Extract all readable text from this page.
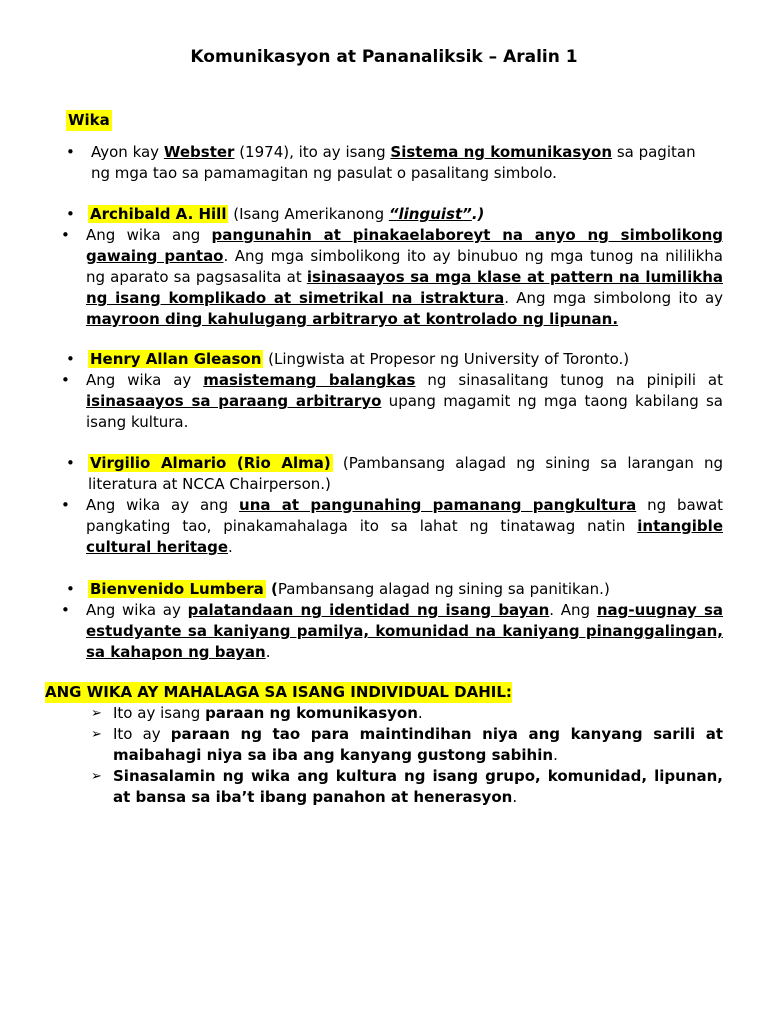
Komunikasyon at Pananaliksik – Aralin 1
Wika
• Ayon kay Webster (1974), ito ay isang Sistema ng komunikasyon sa pagitan
ng mga tao sa pamamagitan ng pasulat o pasalitang simbolo.
• Archibald A. Hill (Isang Amerikanong “linguist”.)
• Ang wika ang pangunahin at pinakaelaboreyt na anyo ng simbolikong gawaing pantao. Ang mga simbolikong ito ay binubuo ng mga tunog na nililikha ng aparato sa pagsasalita at isinasaayos sa mga klase at pattern na lumilikha ng isang komplikado at simetrikal na istraktura. Ang mga simbolong ito ay mayroon ding kahulugang arbitraryo at kontrolado ng lipunan.
• Henry Allan Gleason (Lingwista at Propesor ng University of Toronto.)
• Ang wika ay masistemang balangkas ng sinasalitang tunog na pinipili at isinasaayos sa paraang arbitraryo upang magamit ng mga taong kabilang sa isang kultura.
• Virgilio Almario (Rio Alma) (Pambansang alagad ng sining sa larangan ng literatura at NCCA Chairperson.)
• Ang wika ay ang una at pangunahing pamanang pangkultura ng bawat pangkating tao, pinakamahalaga ito sa lahat ng tinatawag natin intangible cultural heritage.
• Bienvenido Lumbera (Pambansang alagad ng sining sa panitikan.)
• Ang wika ay palatandaan ng identidad ng isang bayan. Ang nag-uugnay sa estudyante sa kaniyang pamilya, komunidad na kaniyang pinanggalingan, sa kahapon ng bayan.
ANG WIKA AY MAHALAGA SA ISANG INDIVIDUAL DAHIL:
➢ Ito ay isang paraan ng komunikasyon.
➢ Ito ay paraan ng tao para maintindihan niya ang kanyang sarili at maibahagi niya sa iba ang kanyang gustong sabihin.
➢ Sinasalamin ng wika ang kultura ng isang grupo, komunidad, lipunan, at bansa sa iba’t ibang panahon at henerasyon.
